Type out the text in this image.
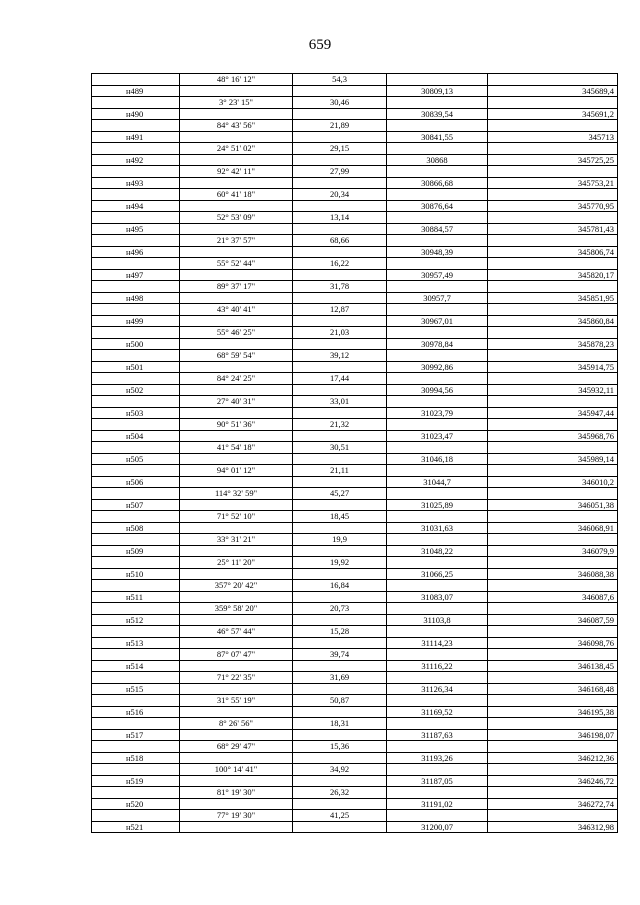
659
	48° 16' 12"	54,3		
н489			30809,13	345689,4
	3° 23' 15"	30,46		
н490			30839,54	345691,2
	84° 43' 56"	21,89		
н491			30841,55	345713
	24° 51' 02"	29,15		
н492			30868	345725,25
	92° 42' 11"	27,99		
н493			30866,68	345753,21
	60° 41' 18"	20,34		
н494			30876,64	345770,95
	52° 53' 09"	13,14		
н495			30884,57	345781,43
	21° 37' 57"	68,66		
н496			30948,39	345806,74
	55° 52' 44"	16,22		
н497			30957,49	345820,17
	89° 37' 17"	31,78		
н498			30957,7	345851,95
	43° 40' 41"	12,87		
н499			30967,01	345860,84
	55° 46' 25"	21,03		
н500			30978,84	345878,23
	68° 59' 54"	39,12		
н501			30992,86	345914,75
	84° 24' 25"	17,44		
н502			30994,56	345932,11
	27° 40' 31"	33,01		
н503			31023,79	345947,44
	90° 51' 36"	21,32		
н504			31023,47	345968,76
	41° 54' 18"	30,51		
н505			31046,18	345989,14
	94° 01' 12"	21,11		
н506			31044,7	346010,2
	114° 32' 59"	45,27		
н507			31025,89	346051,38
	71° 52' 10"	18,45		
н508			31031,63	346068,91
	33° 31' 21"	19,9		
н509			31048,22	346079,9
	25° 11' 20"	19,92		
н510			31066,25	346088,38
	357° 20' 42"	16,84		
н511			31083,07	346087,6
	359° 58' 20"	20,73		
н512			31103,8	346087,59
	46° 57' 44"	15,28		
н513			31114,23	346098,76
	87° 07' 47"	39,74		
н514			31116,22	346138,45
	71° 22' 35"	31,69		
н515			31126,34	346168,48
	31° 55' 19"	50,87		
н516			31169,52	346195,38
	8° 26' 56"	18,31		
н517			31187,63	346198,07
	68° 29' 47"	15,36		
н518			31193,26	346212,36
	100° 14' 41"	34,92		
н519			31187,05	346246,72
	81° 19' 30"	26,32		
н520			31191,02	346272,74
	77° 19' 30"	41,25		
н521			31200,07	346312,98
